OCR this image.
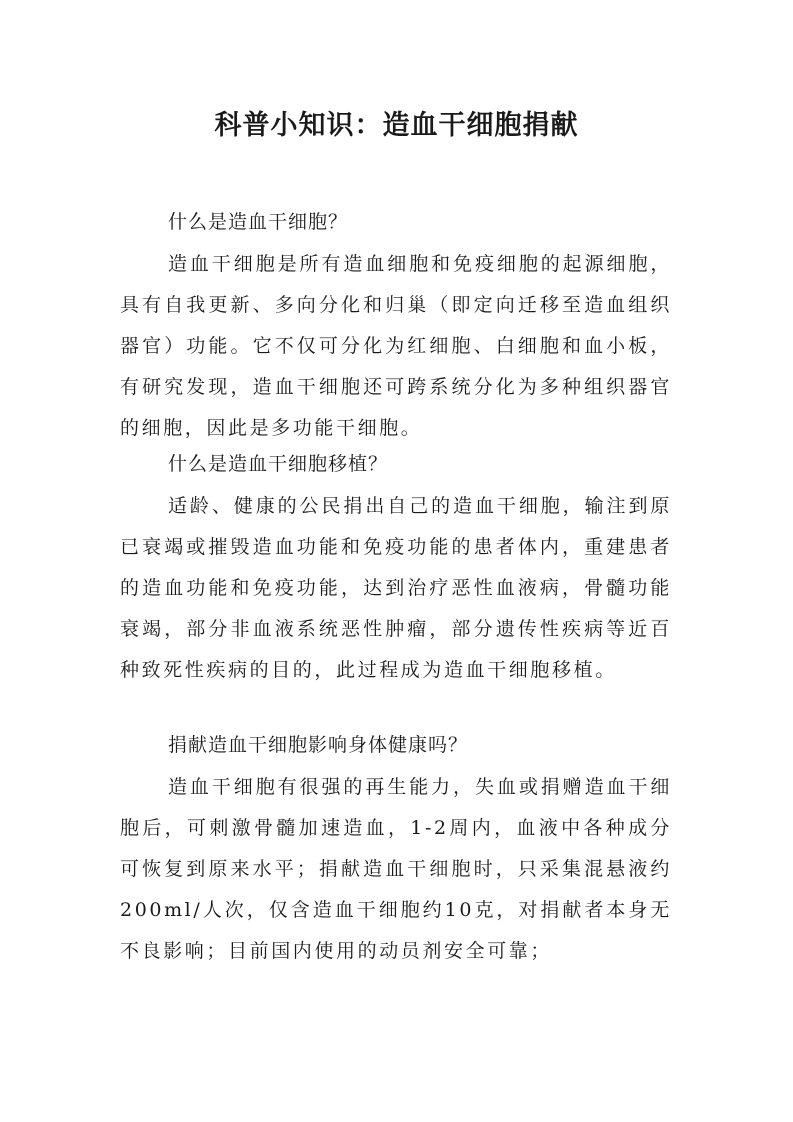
科普小知识：造血干细胞捐献
什么是造血干细胞？

造血干细胞是所有造血细胞和免疫细胞的起源细胞，具有自我更新、多向分化和归巢（即定向迁移至造血组织器官）功能。它不仅可分化为红细胞、白细胞和血小板，有研究发现，造血干细胞还可跨系统分化为多种组织器官的细胞，因此是多功能干细胞。

什么是造血干细胞移植？

适龄、健康的公民捐出自己的造血干细胞，输注到原已衰竭或摧毁造血功能和免疫功能的患者体内，重建患者的造血功能和免疫功能，达到治疗恶性血液病，骨髓功能衰竭，部分非血液系统恶性肿瘤，部分遗传性疾病等近百种致死性疾病的目的，此过程成为造血干细胞移植。

捐献造血干细胞影响身体健康吗？

造血干细胞有很强的再生能力，失血或捐赠造血干细胞后，可刺激骨髓加速造血，1-2周内，血液中各种成分可恢复到原来水平；捐献造血干细胞时，只采集混悬液约200ml/人次，仅含造血干细胞约10克，对捐献者本身无不良影响；目前国内使用的动员剂安全可靠；
